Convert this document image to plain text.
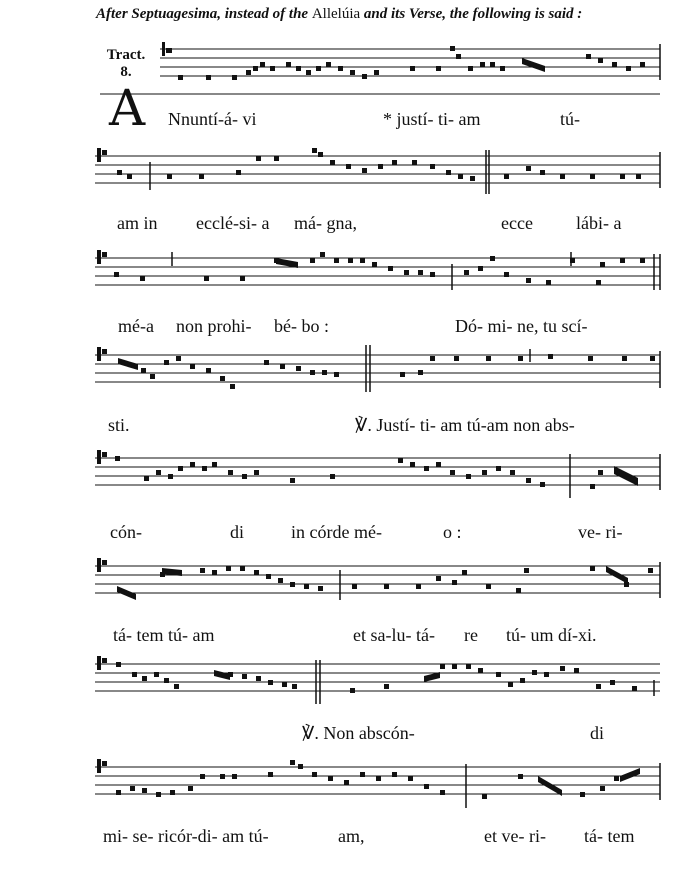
After Septuagesima, instead of the Allelúia and its Verse, the following is said :
Tract.
8.
A Nnuntí-á- vi	* justí- ti- am	tú-
am in ecclé-si- a má- gna,	ecce lábi- a
mé-a non prohi- bé- bo :	Dó- mi- ne, tu scí-
sti.	℣. Justí- ti- am tú-am non abs-
cón-	di	in córde mé-	o :	ve- ri-
tá- tem tú- am	et sa-lu- tá- re tú- um dí-xi.
℣. Non abscón-	di
mi- se- ricór-di- am tú-	am,	et ve- ri- tá- tem
